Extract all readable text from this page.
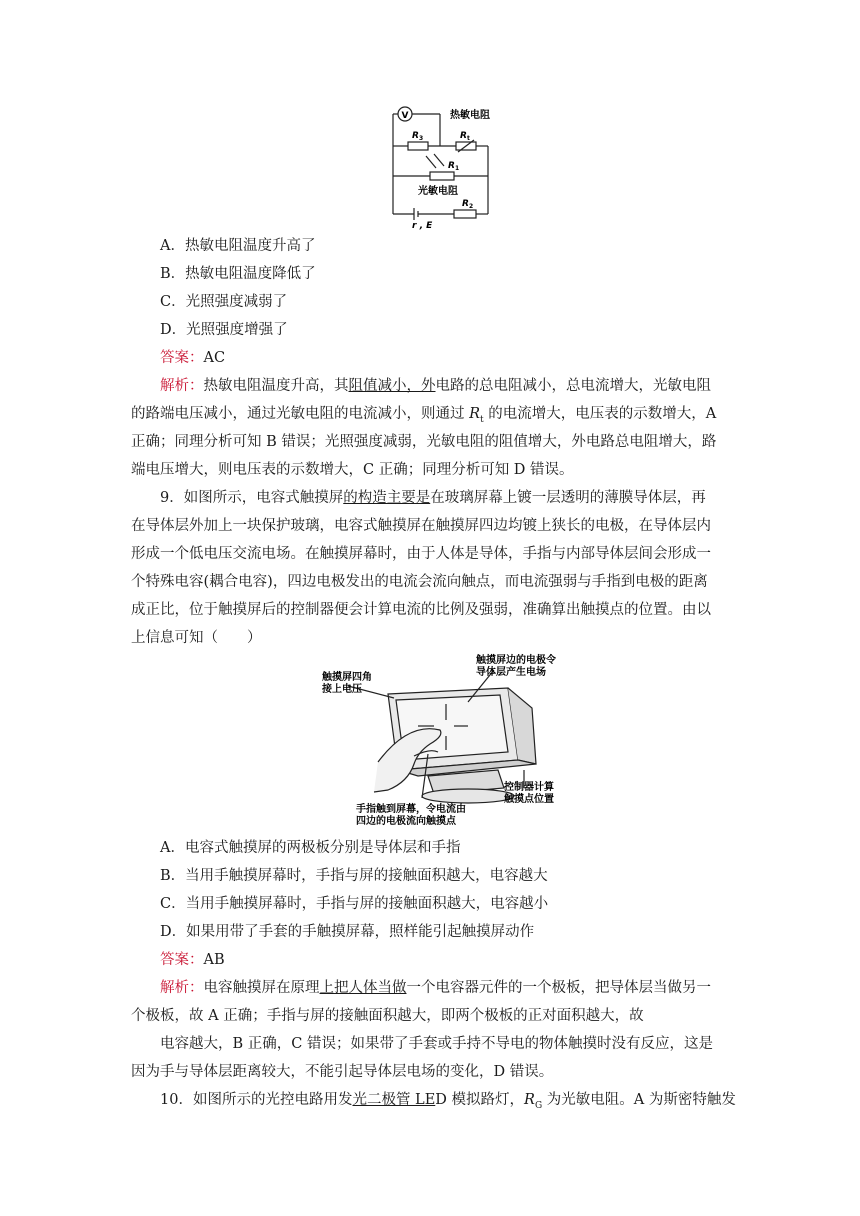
V	热敏电阻
R 3	R t
R 1
光敏电阻
R 2
r , E
A．热敏电阻温度升高了
B．热敏电阻温度降低了
C．光照强度减弱了
D．光照强度增强了
答案：AC
解析：热敏电阻温度升高，其阻值减小，外电路的总电阻减小，总电流增大，光敏电阻
的路端电压减小，通过光敏电阻的电流减小，则通过 $R_t$ 的电流增大，电压表的示数增大，A
正确；同理分析可知 B 错误；光照强度减弱，光敏电阻的阻值增大，外电路总电阻增大，路
端电压增大，则电压表的示数增大，C 正确；同理分析可知 D 错误。
9．如图所示，电容式触摸屏的构造主要是在玻璃屏幕上镀一层透明的薄膜导体层，再
在导体层外加上一块保护玻璃，电容式触摸屏在触摸屏四边均镀上狭长的电极，在导体层内
形成一个低电压交流电场。在触摸屏幕时，由于人体是导体，手指与内部导体层间会形成一
个特殊电容(耦合电容)，四边电极发出的电流会流向触点，而电流强弱与手指到电极的距离
成正比，位于触摸屏后的控制器便会计算电流的比例及强弱，准确算出触摸点的位置。由以
上信息可知（　　）
触摸屏边的电极令
导体层产生电场
触摸屏四角
接上电压
控制器计算
触摸点位置
手指触到屏幕，令电流由
四边的电极流向触摸点
A．电容式触摸屏的两极板分别是导体层和手指
B．当用手触摸屏幕时，手指与屏的接触面积越大，电容越大
C．当用手触摸屏幕时，手指与屏的接触面积越大，电容越小
D．如果用带了手套的手触摸屏幕，照样能引起触摸屏动作
答案：AB
解析：电容触摸屏在原理上把人体当做一个电容器元件的一个极板，把导体层当做另一
个极板，故 A 正确；手指与屏的接触面积越大，即两个极板的正对面积越大，故
电容越大，B 正确，C 错误；如果带了手套或手持不导电的物体触摸时没有反应，这是
因为手与导体层距离较大，不能引起导体层电场的变化，D 错误。
10．如图所示的光控电路用发光二极管 LED 模拟路灯，$R_G$ 为光敏电阻。A 为斯密特触发
